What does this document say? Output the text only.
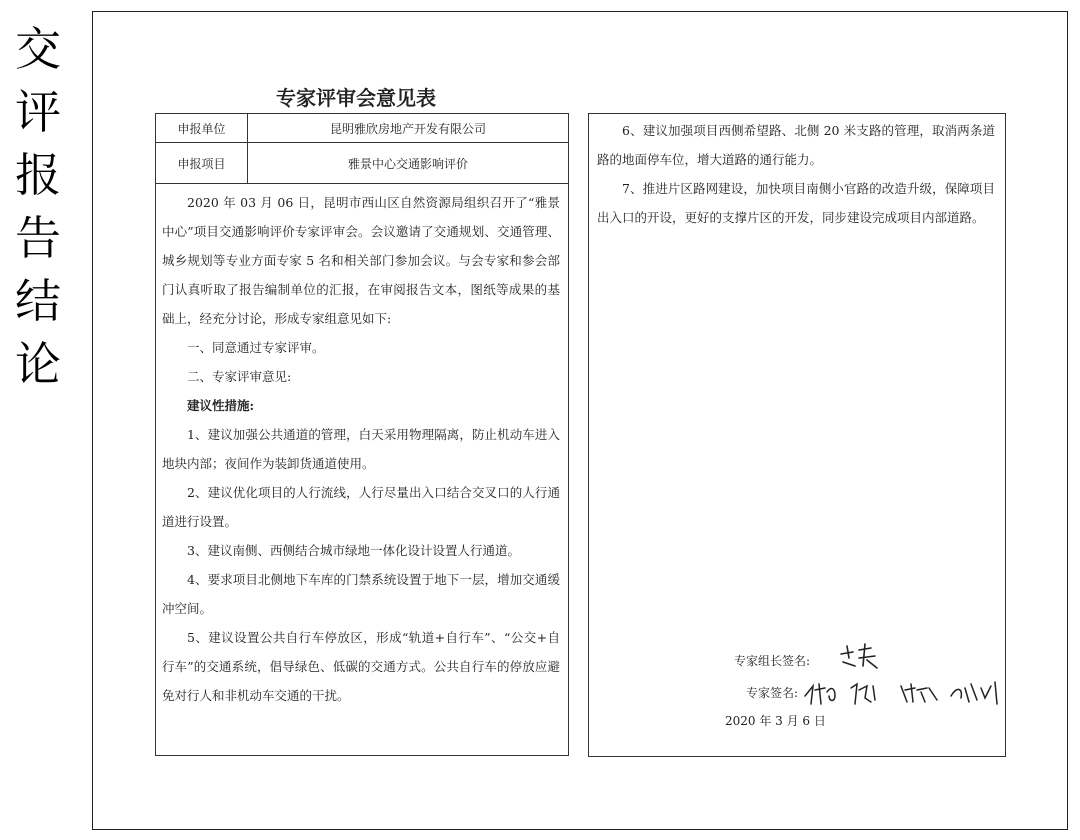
交
评
报
告
结
论
专家评审会意见表
申报单位	昆明雅欣房地产开发有限公司
申报项目	雅景中心交通影响评价

2020 年 03 月 06 日，昆明市西山区自然资源局组织召开了“雅景中心”项目交通影响评价专家评审会。会议邀请了交通规划、交通管理、城乡规划等专业方面专家 5 名和相关部门参加会议。与会专家和参会部门认真听取了报告编制单位的汇报，在审阅报告文本，图纸等成果的基础上，经充分讨论，形成专家组意见如下:

一、同意通过专家评审。

二、专家评审意见:

建议性措施:

1、建议加强公共通道的管理，白天采用物理隔离，防止机动车进入地块内部；夜间作为装卸货通道使用。

2、建议优化项目的人行流线，人行尽量出入口结合交叉口的人行通道进行设置。

3、建议南侧、西侧结合城市绿地一体化设计设置人行通道。

4、要求项目北侧地下车库的门禁系统设置于地下一层，增加交通缓冲空间。

5、建议设置公共自行车停放区，形成“轨道+自行车”、“公交+自行车”的交通系统，倡导绿色、低碳的交通方式。公共自行车的停放应避免对行人和非机动车交通的干扰。

6、建议加强项目西侧希望路、北侧 20 米支路的管理，取消两条道路的地面停车位，增大道路的通行能力。

7、推进片区路网建设，加快项目南侧小官路的改造升级，保障项目出入口的开设，更好的支撑片区的开发，同步建设完成项目内部道路。

专家组长签名:
专家签名:
2020 年 3 月 6 日
